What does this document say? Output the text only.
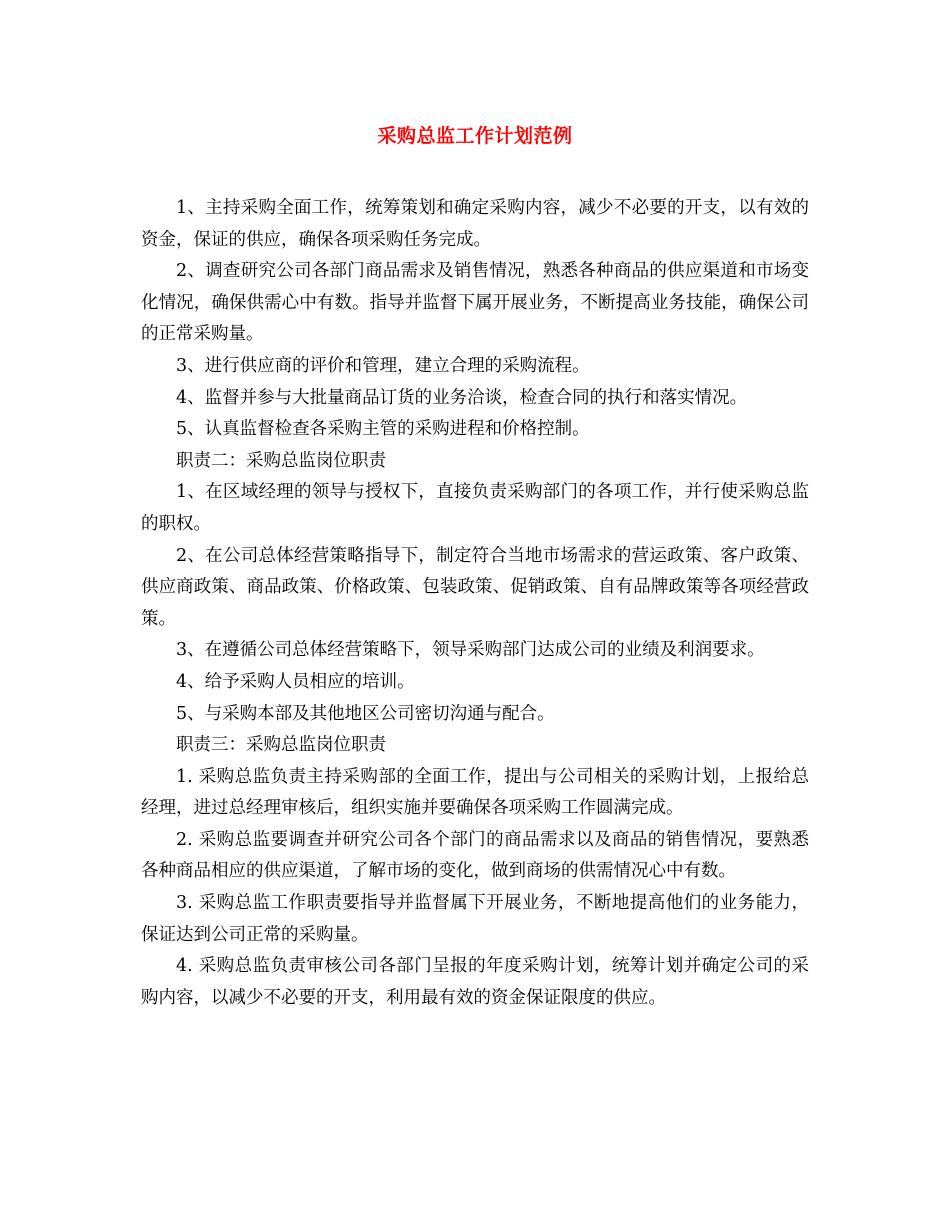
采购总监工作计划范例

1、主持采购全面工作，统筹策划和确定采购内容，减少不必要的开支，以有效的资金，保证的供应，确保各项采购任务完成。

2、调查研究公司各部门商品需求及销售情况，熟悉各种商品的供应渠道和市场变化情况，确保供需心中有数。指导并监督下属开展业务，不断提高业务技能，确保公司的正常采购量。

3、进行供应商的评价和管理，建立合理的采购流程。

4、监督并参与大批量商品订货的业务洽谈，检查合同的执行和落实情况。

5、认真监督检查各采购主管的采购进程和价格控制。

职责二：采购总监岗位职责

1、在区域经理的领导与授权下，直接负责采购部门的各项工作，并行使采购总监的职权。

2、在公司总体经营策略指导下，制定符合当地市场需求的营运政策、客户政策、供应商政策、商品政策、价格政策、包装政策、促销政策、自有品牌政策等各项经营政策。

3、在遵循公司总体经营策略下，领导采购部门达成公司的业绩及利润要求。

4、给予采购人员相应的培训。

5、与采购本部及其他地区公司密切沟通与配合。

职责三：采购总监岗位职责

1. 采购总监负责主持采购部的全面工作，提出与公司相关的采购计划，上报给总经理，进过总经理审核后，组织实施并要确保各项采购工作圆满完成。

2. 采购总监要调查并研究公司各个部门的商品需求以及商品的销售情况，要熟悉各种商品相应的供应渠道，了解市场的变化，做到商场的供需情况心中有数。

3. 采购总监工作职责要指导并监督属下开展业务，不断地提高他们的业务能力，保证达到公司正常的采购量。

4. 采购总监负责审核公司各部门呈报的年度采购计划，统筹计划并确定公司的采购内容，以减少不必要的开支，利用最有效的资金保证限度的供应。
